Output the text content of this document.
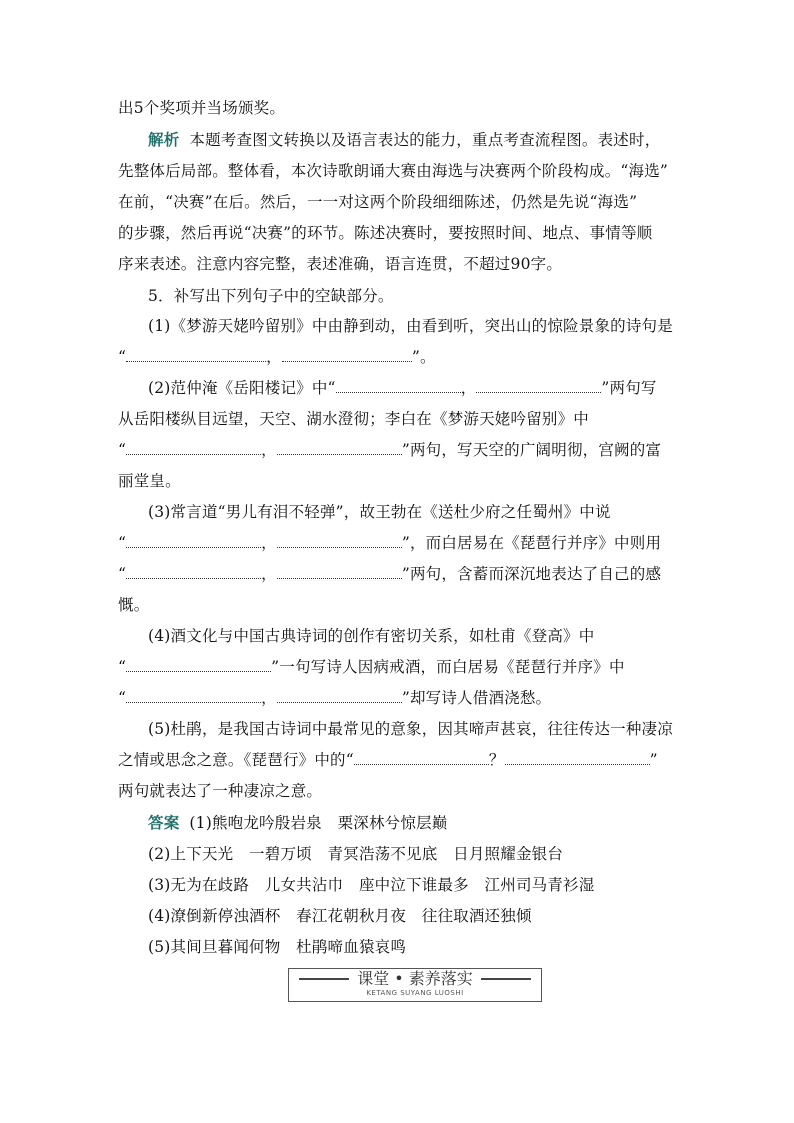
出5个奖项并当场颁奖。
解析 本题考查图文转换以及语言表达的能力，重点考查流程图。表述时，
先整体后局部。整体看，本次诗歌朗诵大赛由海选与决赛两个阶段构成。“海选”
在前，“决赛”在后。然后，一一对这两个阶段细细陈述，仍然是先说“海选”
的步骤，然后再说“决赛”的环节。陈述决赛时，要按照时间、地点、事情等顺
序来表述。注意内容完整，表述准确，语言连贯，不超过90字。
5．补写出下列句子中的空缺部分。
(1)《梦游天姥吟留别》中由静到动，由看到听，突出山的惊险景象的诗句是
“	，	”。
(2)范仲淹《岳阳楼记》中“	，	”两句写
从岳阳楼纵目远望，天空、湖水澄彻；李白在《梦游天姥吟留别》中
“	，	”两句，写天空的广阔明彻，宫阙的富
丽堂皇。
(3)常言道“男儿有泪不轻弹”，故王勃在《送杜少府之任蜀州》中说
“	，	”，而白居易在《琵琶行并序》中则用
“	，	”两句，含蓄而深沉地表达了自己的感
慨。
(4)酒文化与中国古典诗词的创作有密切关系，如杜甫《登高》中
“	”一句写诗人因病戒酒，而白居易《琵琶行并序》中
“	，	”却写诗人借酒浇愁。
(5)杜鹃，是我国古诗词中最常见的意象，因其啼声甚哀，往往传达一种凄凉
之情或思念之意。《琵琶行》中的“	？	”
两句就表达了一种凄凉之意。
答案 (1)熊咆龙吟殷岩泉　栗深林兮惊层巅
(2)上下天光　一碧万顷　青冥浩荡不见底　日月照耀金银台
(3)无为在歧路　儿女共沾巾　座中泣下谁最多　江州司马青衫湿
(4)潦倒新停浊酒杯　春江花朝秋月夜　往往取酒还独倾
(5)其间旦暮闻何物　杜鹃啼血猿哀鸣
课堂 • 素养落实
KETANG SUYANG LUOSHI
